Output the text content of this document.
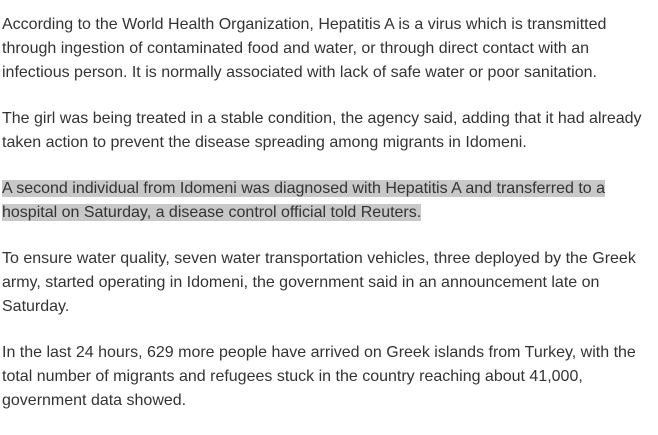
According to the World Health Organization, Hepatitis A is a virus which is transmitted through ingestion of contaminated food and water, or through direct contact with an infectious person. It is normally associated with lack of safe water or poor sanitation.

The girl was being treated in a stable condition, the agency said, adding that it had already taken action to prevent the disease spreading among migrants in Idomeni.

A second individual from Idomeni was diagnosed with Hepatitis A and transferred to a hospital on Saturday, a disease control official told Reuters.

To ensure water quality, seven water transportation vehicles, three deployed by the Greek army, started operating in Idomeni, the government said in an announcement late on Saturday.

In the last 24 hours, 629 more people have arrived on Greek islands from Turkey, with the total number of migrants and refugees stuck in the country reaching about 41,000, government data showed.
